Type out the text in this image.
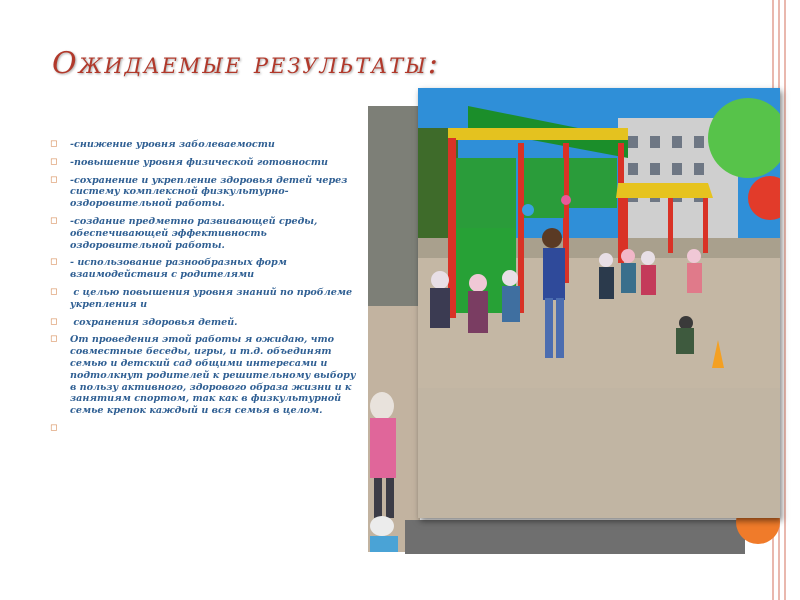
Ожидаемые результаты:
◻ -снижение уровня заболеваемости
◻ -повышение уровня физической готовности
◻ -сохранение и укрепление здоровья детей через систему комплексной физкультурно-оздоровительной работы.
◻ -создание предметно развивающей среды, обеспечивающей эффективность оздоровительной работы.
◻ - использование разнообразных форм взаимодействия с родителями
◻ с целью повышения уровня знаний по проблеме укрепления и
◻ сохранения здоровья детей.
◻ От проведения этой работы я ожидаю, что совместные беседы, игры, и т.д. объединят семью и детский сад общими интересами и подтолкнут родителей к решительному выбору в пользу активного, здорового образа жизни и к занятиям спортом, так как в физкультурной семье крепок каждый и вся семья в целом.
◻
